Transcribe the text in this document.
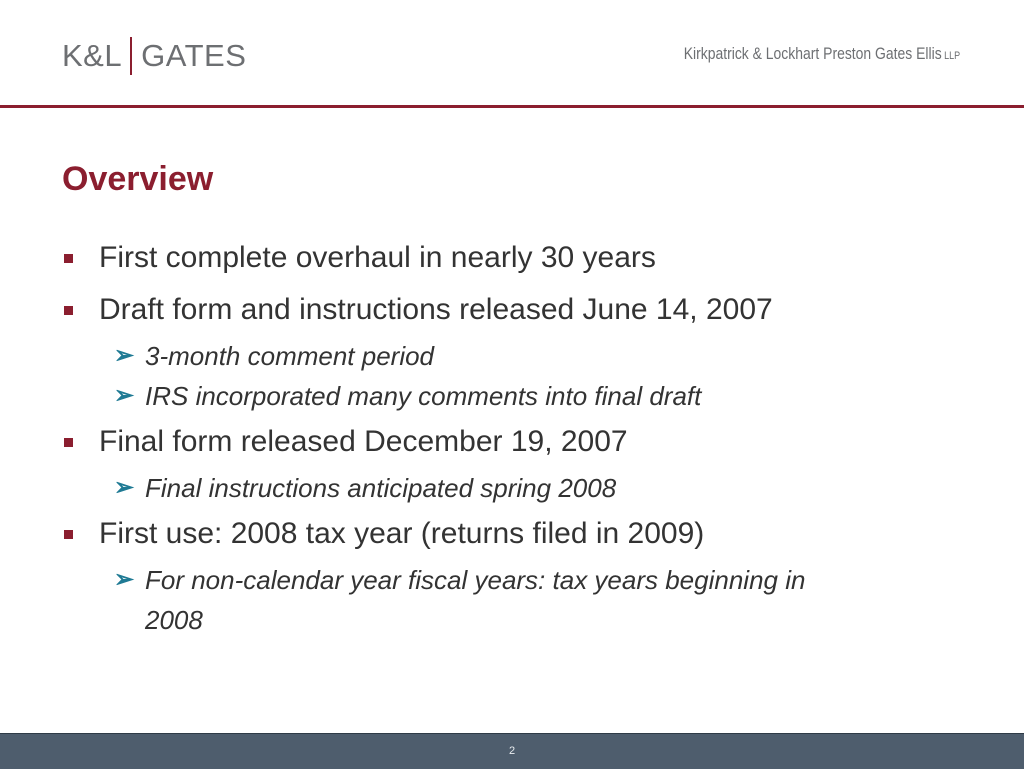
K&L GATES	Kirkpatrick & Lockhart Preston Gates Ellis LLP
Overview
First complete overhaul in nearly 30 years
Draft form and instructions released June 14, 2007
➢ 3-month comment period
➢ IRS incorporated many comments into final draft
Final form released December 19, 2007
➢ Final instructions anticipated spring 2008
First use: 2008 tax year (returns filed in 2009)
➢ For non-calendar year fiscal years: tax years beginning in 2008
2
